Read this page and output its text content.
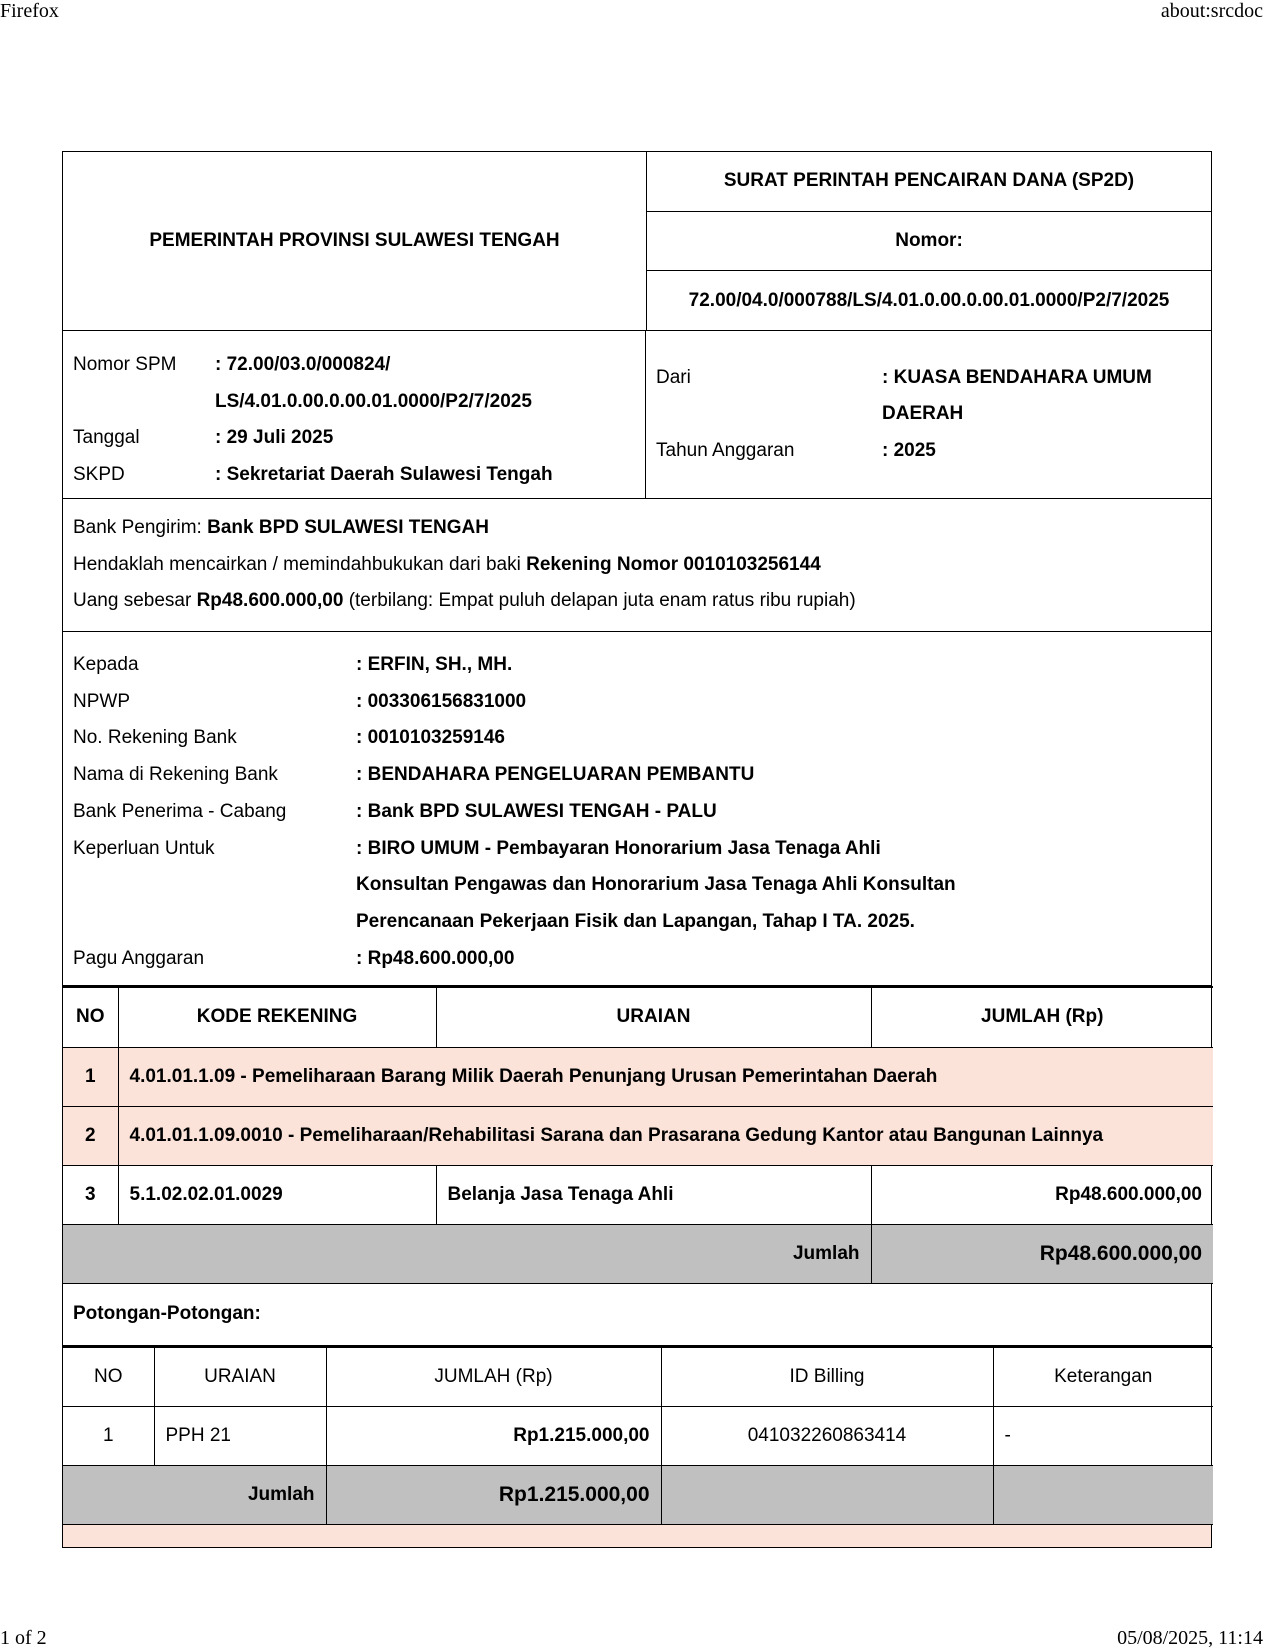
Firefox	about:srcdoc
PEMERINTAH PROVINSI SULAWESI TENGAH
SURAT PERINTAH PENCAIRAN DANA (SP2D)
Nomor:
72.00/04.0/000788/LS/4.01.0.00.0.00.01.0000/P2/7/2025
Nomor SPM	: 72.00/03.0/000824/
LS/4.01.0.00.0.00.01.0000/P2/7/2025
Tanggal	: 29 Juli 2025
SKPD	: Sekretariat Daerah Sulawesi Tengah
Dari	: KUASA BENDAHARA UMUM
DAERAH
Tahun Anggaran	: 2025
Bank Pengirim: Bank BPD SULAWESI TENGAH
Hendaklah mencairkan / memindahbukukan dari baki Rekening Nomor 0010103256144
Uang sebesar Rp48.600.000,00 (terbilang: Empat puluh delapan juta enam ratus ribu rupiah)
Kepada	: ERFIN, SH., MH.
NPWP	: 003306156831000
No. Rekening Bank	: 0010103259146
Nama di Rekening Bank	: BENDAHARA PENGELUARAN PEMBANTU
Bank Penerima - Cabang	: Bank BPD SULAWESI TENGAH - PALU
Keperluan Untuk	: BIRO UMUM - Pembayaran Honorarium Jasa Tenaga Ahli
Konsultan Pengawas dan Honorarium Jasa Tenaga Ahli Konsultan
Perencanaan Pekerjaan Fisik dan Lapangan, Tahap I TA. 2025.
Pagu Anggaran	: Rp48.600.000,00
NO	KODE REKENING	URAIAN	JUMLAH (Rp)
1	4.01.01.1.09 - Pemeliharaan Barang Milik Daerah Penunjang Urusan Pemerintahan Daerah		
2	4.01.01.1.09.0010 - Pemeliharaan/Rehabilitasi Sarana dan Prasarana Gedung Kantor atau Bangunan Lainnya		
3	5.1.02.02.01.0029	Belanja Jasa Tenaga Ahli	Rp48.600.000,00
Jumlah			Rp48.600.000,00
Potongan-Potongan:
NO	URAIAN	JUMLAH (Rp)	ID Billing	Keterangan
1	PPH 21	Rp1.215.000,00	041032260863414	-
Jumlah		Rp1.215.000,00		
1 of 2	05/08/2025, 11:14
